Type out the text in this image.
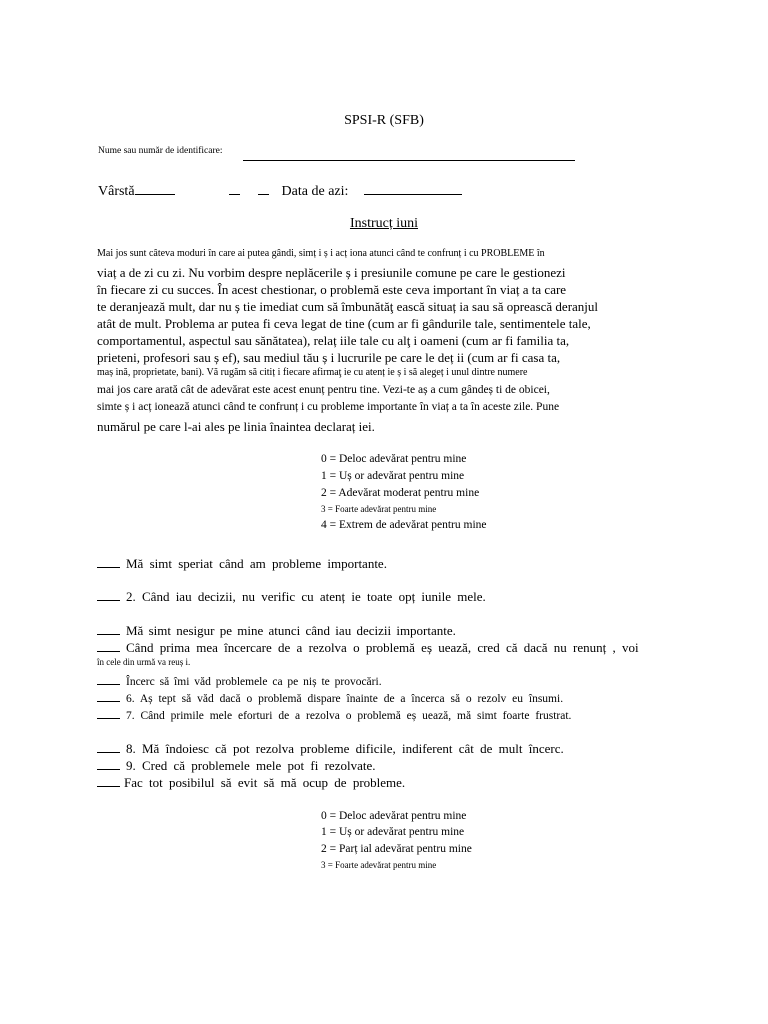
SPSI-R (SFB)
Nume sau număr de identificare:
Vârstă	Data de azi:
Instrucț iuni
Mai jos sunt câteva moduri în care ai putea gândi, simț i ș i acț iona atunci când te confrunț i cu PROBLEME în
viaț a de zi cu zi. Nu vorbim despre neplăcerile ș i presiunile comune pe care le gestionezi
în fiecare zi cu succes. În acest chestionar, o problemă este ceva important în viaț a ta care
te deranjează mult, dar nu ș tie imediat cum să îmbunătăţ ească situaț ia sau să oprească deranjul
atât de mult. Problema ar putea fi ceva legat de tine (cum ar fi gândurile tale, sentimentele tale,
comportamentul, aspectul sau sănătatea), relaț iile tale cu alţ i oameni (cum ar fi familia ta,
prieteni, profesori sau ș ef), sau mediul tău ș i lucrurile pe care le deț ii (cum ar fi casa ta,
maș ină, proprietate, bani). Vă rugăm să citiț i fiecare afirmaţ ie cu atenț ie ș i să alegeț i unul dintre numere
mai jos care arată cât de adevărat este acest enunț pentru tine. Vezi-te aș a cum gândeș ti de obicei,
simte ș i acț ionează atunci când te confrunț i cu probleme importante în viaț a ta în aceste zile. Pune
numărul pe care l-ai ales pe linia înaintea declaraț iei.
0 = Deloc adevărat pentru mine
1 = Uș or adevărat pentru mine
2 = Adevărat moderat pentru mine
3 = Foarte adevărat pentru mine
4 = Extrem de adevărat pentru mine
Mă simt speriat când am probleme importante.
2. Când iau decizii, nu verific cu atenț ie toate opț iunile mele.
Mă simt nesigur pe mine atunci când iau decizii importante.
Când prima mea încercare de a rezolva o problemă eș uează, cred că dacă nu renunț , voi
în cele din urmă va reuș i.
Încerc să îmi văd problemele ca pe niș te provocări.
6. Aș tept să văd dacă o problemă dispare înainte de a încerca să o rezolv eu însumi.
7. Când primile mele eforturi de a rezolva o problemă eș uează, mă simt foarte frustrat.
8. Mă îndoiesc că pot rezolva probleme dificile, indiferent cât de mult încerc.
9. Cred că problemele mele pot fi rezolvate.
Fac tot posibilul să evit să mă ocup de probleme.
0 = Deloc adevărat pentru mine
1 = Uș or adevărat pentru mine
2 = Parț ial adevărat pentru mine
3 = Foarte adevărat pentru mine
